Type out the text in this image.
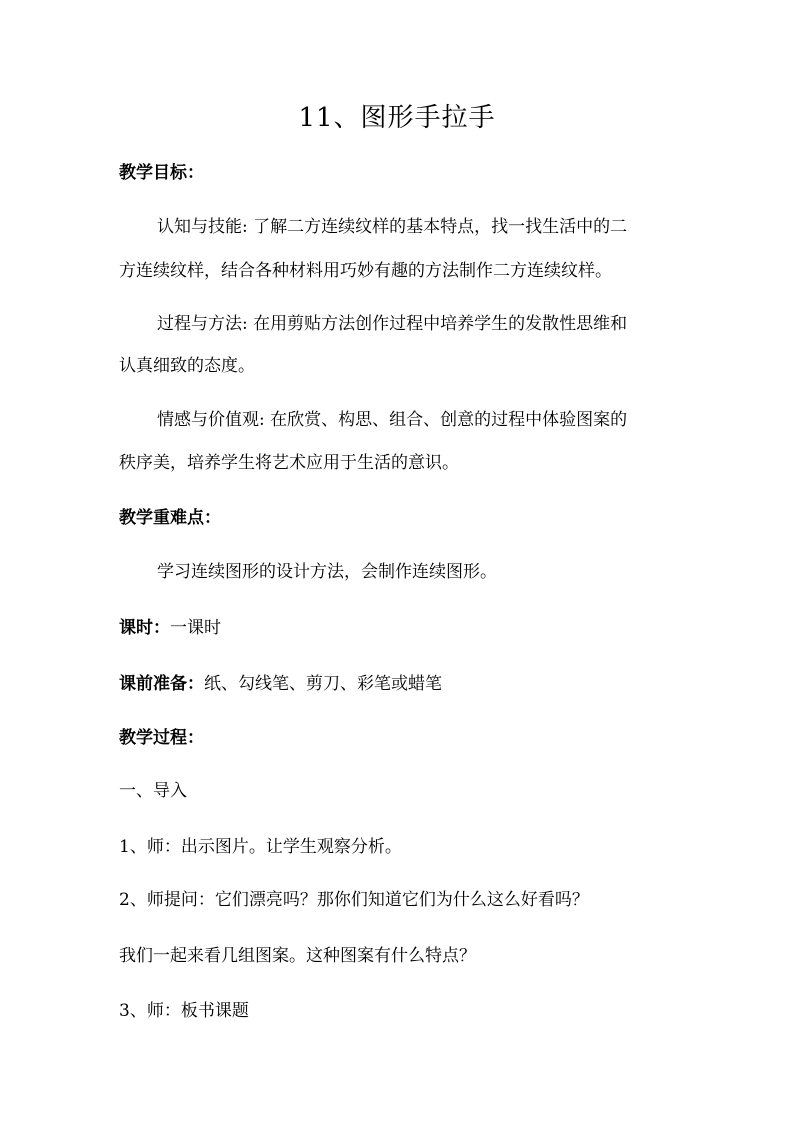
11、图形手拉手
教学目标：
认知与技能: 了解二方连续纹样的基本特点，找一找生活中的二
方连续纹样，结合各种材料用巧妙有趣的方法制作二方连续纹样。
过程与方法: 在用剪贴方法创作过程中培养学生的发散性思维和
认真细致的态度。
情感与价值观: 在欣赏、构思、组合、创意的过程中体验图案的
秩序美，培养学生将艺术应用于生活的意识。
教学重难点：
学习连续图形的设计方法，会制作连续图形。
课时：一课时
课前准备：纸、勾线笔、剪刀、彩笔或蜡笔
教学过程：
一、导入
1、师：出示图片。让学生观察分析。
2、师提问：它们漂亮吗？那你们知道它们为什么这么好看吗？
我们一起来看几组图案。这种图案有什么特点？
3、师：板书课题
